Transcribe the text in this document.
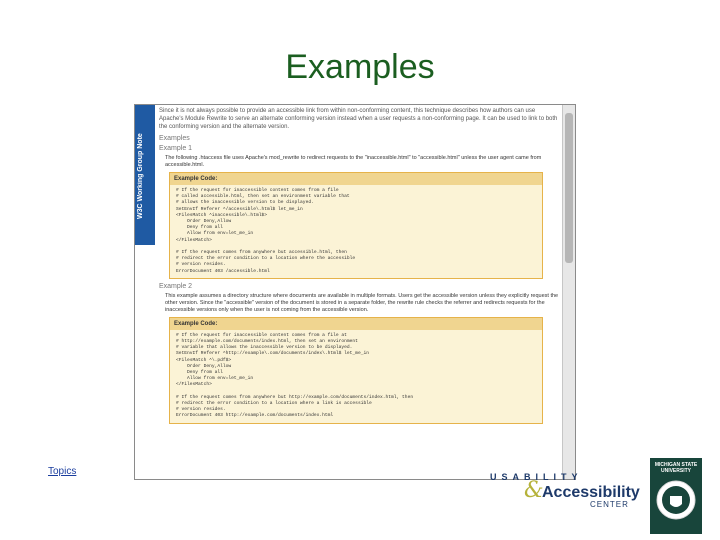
Examples
W3C Working Group Note

Since it is not always possible to provide an accessible link from within non-conforming content, this technique describes how authors can use Apache's Module Rewrite to serve an alternate conforming version instead when a user requests a non-conforming page. It can be used to link to both the conforming version and the alternate version.

Examples
Example 1
The following .htaccess file uses Apache's mod_rewrite to redirect requests to the "inaccessible.html" to "accessible.html" unless the user agent came from accessible.html.
Example Code:
# If the request for inaccessible content comes from a file
# called accessible.html, then set an environment variable that
# allows the inaccessible version to be displayed.
SetEnvIf Referer ^/accessible\.html$ let_me_in
<FilesMatch ^inaccessible\.html$>
Order Deny,Allow
Deny from all
Allow from env=let_me_in
</FilesMatch>

# If the request comes from anywhere but accessible.html, then
# redirect the error condition to a location where the accessible
# version resides.
ErrorDocument 403 /accessible.html
Example 2
This example assumes a directory structure where documents are available in multiple formats. Users get the accessible version unless they explicitly request the other version. Since the "accessible" version of the document is stored in a separate folder, the rewrite rule checks the referrer and redirects requests for the inaccessible versions only when the user is not coming from the accessible version.
Example Code:
# If the request for inaccessible content comes from a file at
# http://example.com/documents/index.html, then set an environment
# variable that allows the inaccessible version to be displayed.
SetEnvIf Referer ^http://example\.com/documents/index\.html$ let_me_in
<FilesMatch ^\.pdf$>
Order Deny,Allow
Deny from all
Allow from env=let_me_in
</FilesMatch>

# If the request comes from anywhere but http://example.com/documents/index.html, then
# redirect the error condition to a location where a link is accessible
# version resides.
ErrorDocument 403 http://example.com/documents/index.html
Topics	USABILITY
&
Accessibility
CENTER
MICHIGAN STATE UNIVERSITY
